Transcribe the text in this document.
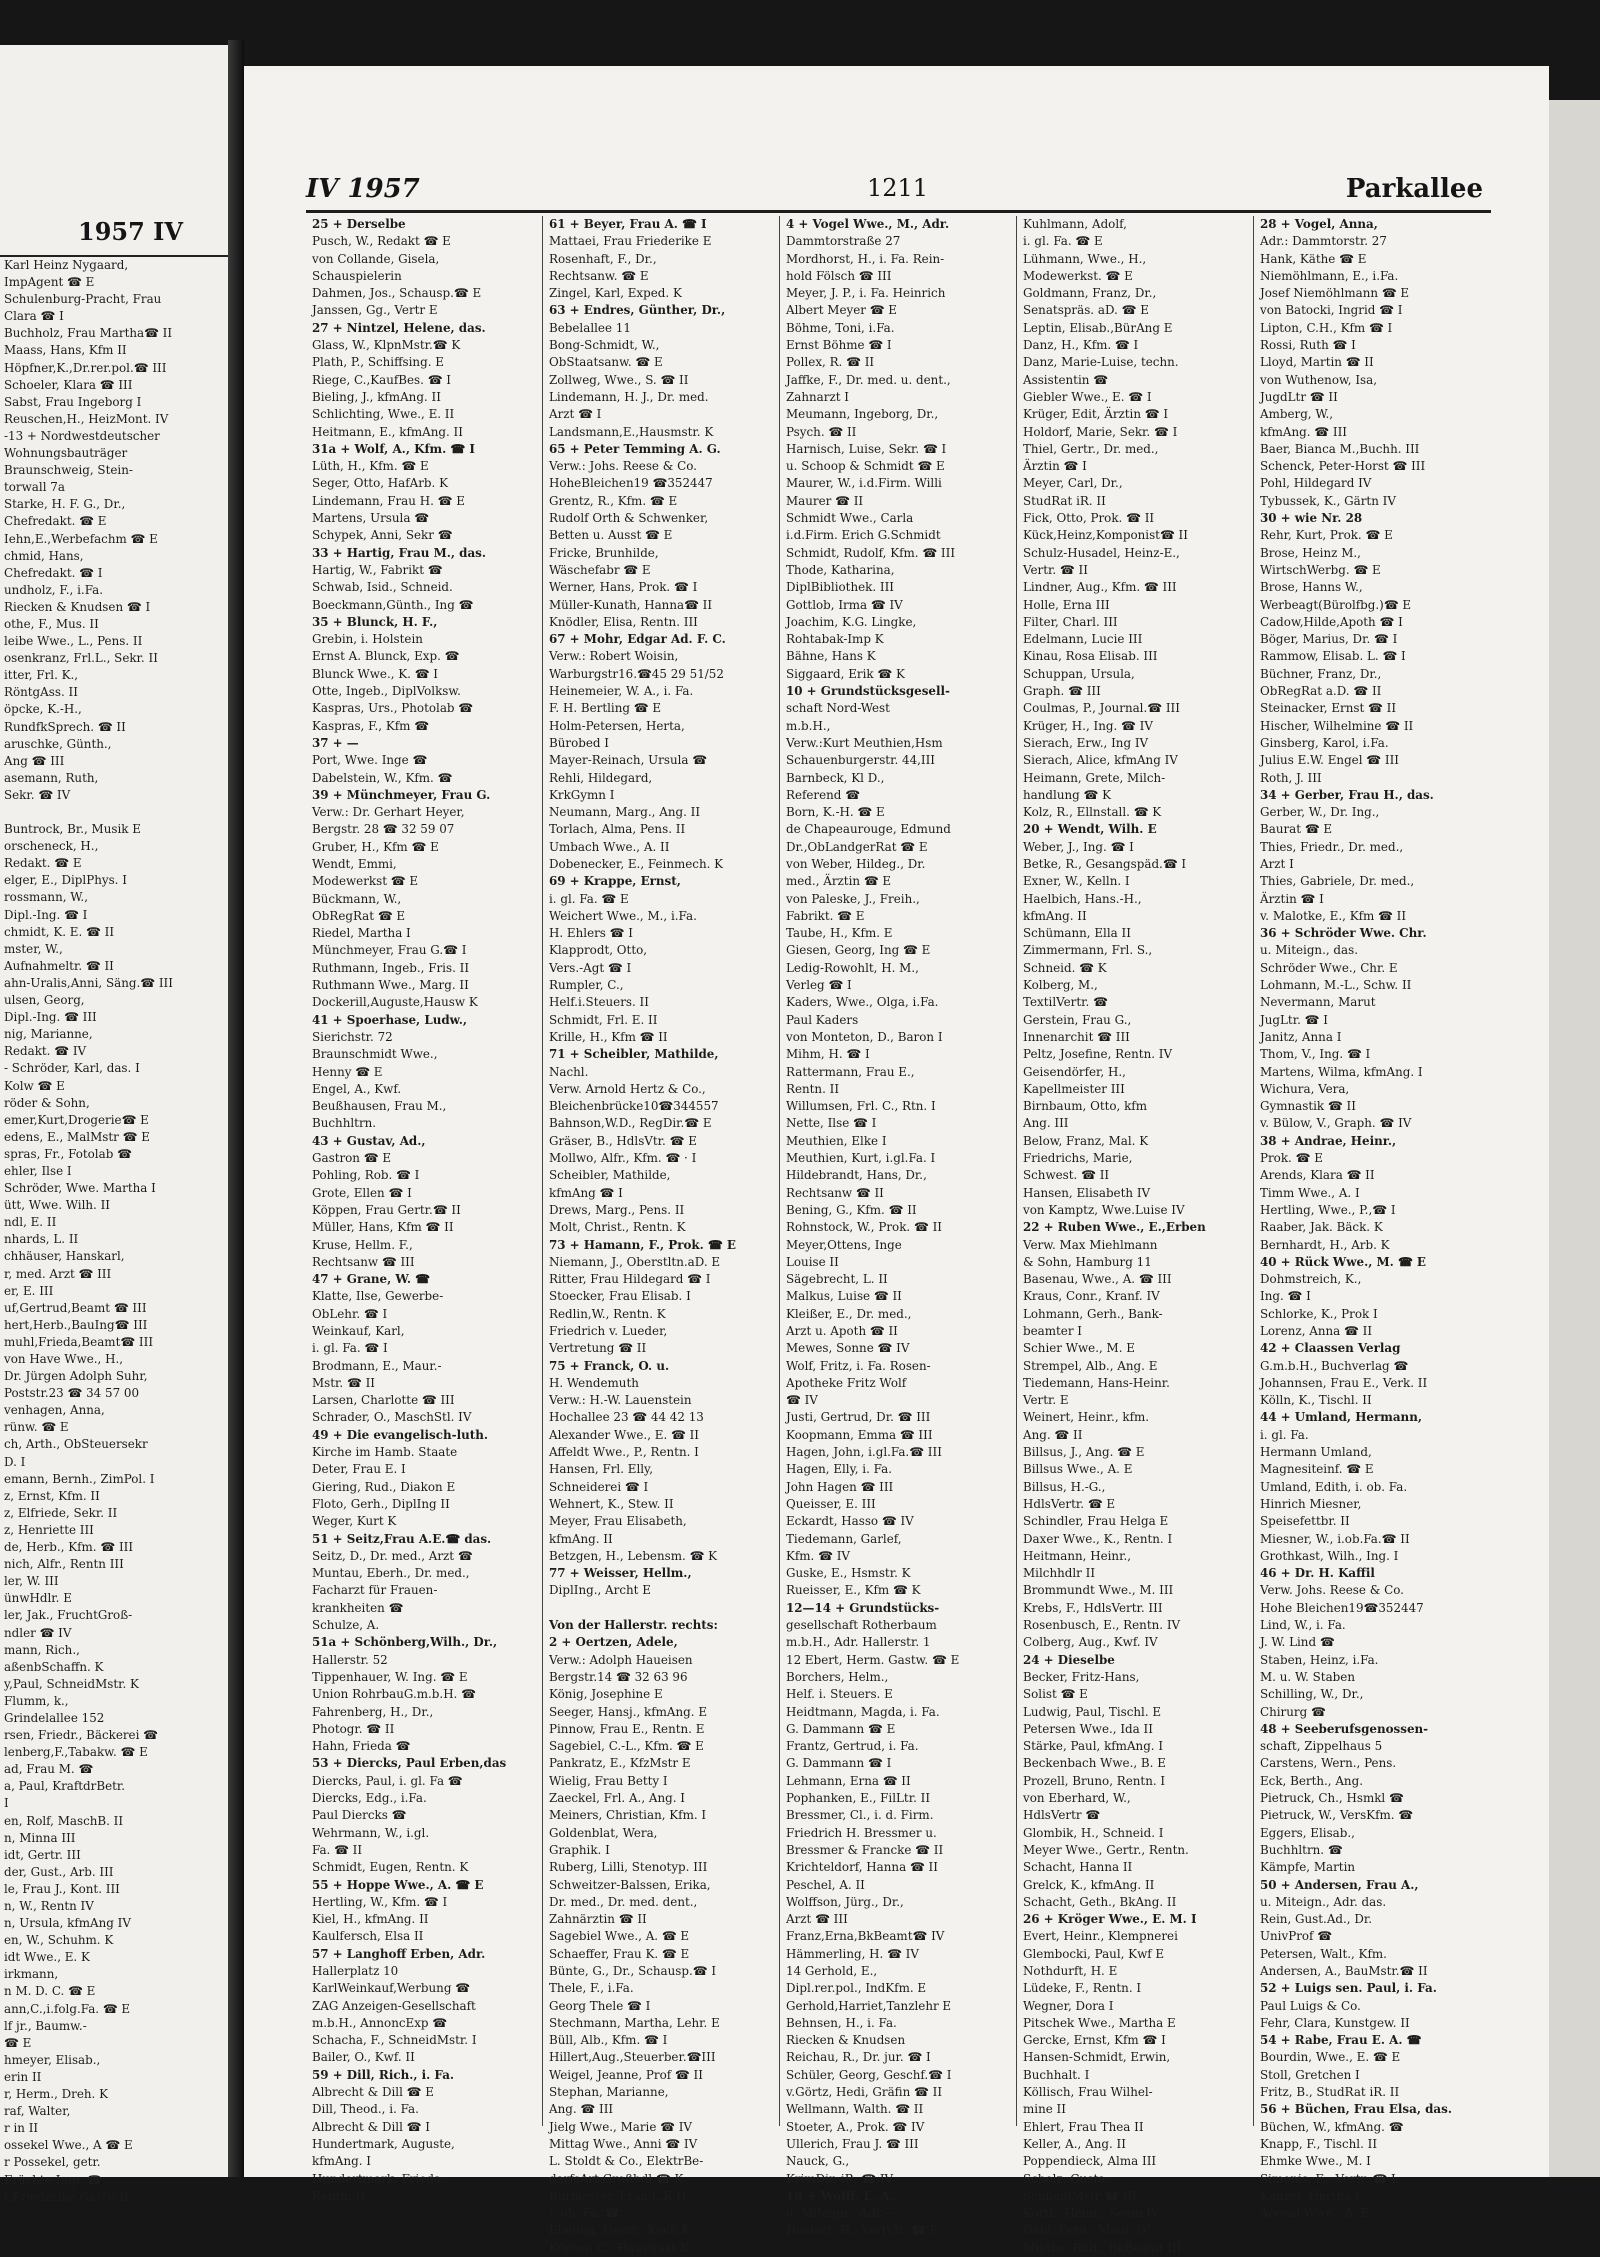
1957 IV
Karl Heinz Nygaard,
ImpAgent ☎ E
Schulenburg-Pracht, Frau
Clara ☎ I
Buchholz, Frau Martha☎ II
Maass, Hans, Kfm II
Höpfner,K.,Dr.rer.pol.☎ III
Schoeler, Klara ☎ III
Sabst, Frau Ingeborg I
Reuschen,H., HeizMont. IV
-13 + Nordwestdeutscher
Wohnungsbauträger
Braunschweig, Stein-
torwall 7a
Starke, H. F. G., Dr.,
Chefredakt. ☎ E
Iehn,E.,Werbefachm ☎ E
chmid, Hans,
Chefredakt. ☎ I
undholz, F., i.Fa.
Riecken & Knudsen ☎ I
othe, F., Mus. II
leibe Wwe., L., Pens. II
osenkranz, Frl.L., Sekr. II
itter, Frl. K.,
RöntgAss. II
öpcke, K.-H.,
RundfkSprech. ☎ II
aruschke, Günth.,
Ang ☎ III
asemann, Ruth,
Sekr. ☎ IV

Buntrock, Br., Musik E
orscheneck, H.,
Redakt. ☎ E
elger, E., DiplPhys. I
rossmann, W.,
Dipl.-Ing. ☎ I
chmidt, K. E. ☎ II
mster, W.,
Aufnahmeltr. ☎ II
ahn-Uralis,Anni, Säng.☎ III
ulsen, Georg,
Dipl.-Ing. ☎ III
nig, Marianne,
Redakt. ☎ IV
- Schröder, Karl, das. I
Kolw ☎ E
röder & Sohn,
emer,Kurt,Drogerie☎ E
edens, E., MalMstr ☎ E
spras, Fr., Fotolab ☎
ehler, Ilse I
Schröder, Wwe. Martha I
ütt, Wwe. Wilh. II
ndl, E. II
nhards, L. II
chhäuser, Hanskarl,
r, med. Arzt ☎ III
er, E. III
uf,Gertrud,Beamt ☎ III
hert,Herb.,BauIng☎ III
muhl,Frieda,Beamt☎ III
von Have Wwe., H.,
Dr. Jürgen Adolph Suhr,
Poststr.23 ☎ 34 57 00
venhagen, Anna,
rünw. ☎ E
ch, Arth., ObSteuersekr
D. I
emann, Bernh., ZimPol. I
z, Ernst, Kfm. II
z, Elfriede, Sekr. II
z, Henriette III
de, Herb., Kfm. ☎ III
nich, Alfr., Rentn III
ler, W. III
ünwHdlr. E
ler, Jak., FruchtGroß-
ndler ☎ IV
mann, Rich.,
aßenbSchaffn. K
y,Paul, SchneidMstr. K
Flumm, k.,
Grindelallee 152
rsen, Friedr., Bäckerei ☎
lenberg,F.,Tabakw. ☎ E
ad, Frau M. ☎
a, Paul, KraftdrBetr.
I
en, Rolf, MaschB. II
n, Minna III
idt, Gertr. III
der, Gust., Arb. III
le, Frau J., Kont. III
n, W., Rentn IV
n, Ursula, kfmAng IV
en, W., Schuhm. K
idt Wwe., E. K
irkmann,
n M. D. C. ☎ E
ann,C.,i.folg.Fa. ☎ E
lf jr., Baumw.-
☎ E
hmeyer, Elisab.,
erin II
r, Herm., Dreh. K
raf, Walter,
r in II
ossekel Wwe., A ☎ E
r Possekel, getr.
Früchte-Imp. ☎
t,Friederike,Gastw.II
IV 1957	1211	Parkallee
25 + Derselbe
Pusch, W., Redakt ☎ E
von Collande, Gisela,
Schauspielerin
Dahmen, Jos., Schausp.☎ E
Janssen, Gg., Vertr E
27 + Nintzel, Helene, das.
Glass, W., KlpnMstr.☎ K
Plath, P., Schiffsing. E
Riege, C.,KaufBes. ☎ I
Bieling, J., kfmAng. II
Schlichting, Wwe., E. II
Heitmann, E., kfmAng. II
31a + Wolf, A., Kfm. ☎ I
Lüth, H., Kfm. ☎ E
Seger, Otto, HafArb. K
Lindemann, Frau H. ☎ E
Martens, Ursula ☎
Schypek, Anni, Sekr ☎
33 + Hartig, Frau M., das.
Hartig, W., Fabrikt ☎
Schwab, Isid., Schneid.
Boeckmann,Günth., Ing ☎
35 + Blunck, H. F.,
Grebin, i. Holstein
Ernst A. Blunck, Exp. ☎
Blunck Wwe., K. ☎ I
Otte, Ingeb., DiplVolksw.
Kaspras, Urs., Photolab ☎
Kaspras, F., Kfm ☎
37 + —
Port, Wwe. Inge ☎
Dabelstein, W., Kfm. ☎
39 + Münchmeyer, Frau G.
Verw.: Dr. Gerhart Heyer,
Bergstr. 28 ☎ 32 59 07
Gruber, H., Kfm ☎ E
Wendt, Emmi,
Modewerkst ☎ E
Bückmann, W.,
ObRegRat ☎ E
Riedel, Martha I
Münchmeyer, Frau G.☎ I
Ruthmann, Ingeb., Fris. II
Ruthmann Wwe., Marg. II
Dockerill,Auguste,Hausw K
41 + Spoerhase, Ludw.,
Sierichstr. 72
Braunschmidt Wwe.,
Henny ☎ E
Engel, A., Kwf.
Beußhausen, Frau M.,
Buchhltrn.
43 + Gustav, Ad.,
Gastron ☎ E
Pohling, Rob. ☎ I
Grote, Ellen ☎ I
Köppen, Frau Gertr.☎ II
Müller, Hans, Kfm ☎ II
Kruse, Hellm. F.,
Rechtsanw ☎ III
47 + Grane, W. ☎
Klatte, Ilse, Gewerbe-
ObLehr. ☎ I
Weinkauf, Karl,
i. gl. Fa. ☎ I
Brodmann, E., Maur.-
Mstr. ☎ II
Larsen, Charlotte ☎ III
Schrader, O., MaschStl. IV
49 + Die evangelisch-luth.
Kirche im Hamb. Staate
Deter, Frau E. I
Giering, Rud., Diakon E
Floto, Gerh., DiplIng II
Weger, Kurt K
51 + Seitz,Frau A.E.☎ das.
Seitz, D., Dr. med., Arzt ☎
Muntau, Eberh., Dr. med.,
Facharzt für Frauen-
krankheiten ☎
Schulze, A.
51a + Schönberg,Wilh., Dr.,
Hallerstr. 52
Tippenhauer, W. Ing. ☎ E
Union RohrbauG.m.b.H. ☎
Fahrenberg, H., Dr.,
Photogr. ☎ II
Hahn, Frieda ☎
53 + Diercks, Paul Erben,das
Diercks, Paul, i. gl. Fa ☎
Diercks, Edg., i.Fa.
Paul Diercks ☎
Wehrmann, W., i.gl.
Fa. ☎ II
Schmidt, Eugen, Rentn. K
55 + Hoppe Wwe., A. ☎ E
Hertling, W., Kfm. ☎ I
Kiel, H., kfmAng. II
Kaulfersch, Elsa II
57 + Langhoff Erben, Adr.
Hallerplatz 10
KarlWeinkauf,Werbung ☎
ZAG Anzeigen-Gesellschaft
m.b.H., AnnoncExp ☎
Schacha, F., SchneidMstr. I
Bailer, O., Kwf. II
59 + Dill, Rich., i. Fa.
Albrecht & Dill ☎ E
Dill, Theod., i. Fa.
Albrecht & Dill ☎ I
Hundertmark, Auguste,
kfmAng. I
Hundertmark, Frieda,
Rentn. II
61 + Beyer, Frau A. ☎ I
Mattaei, Frau Friederike E
Rosenhaft, F., Dr.,
Rechtsanw. ☎ E
Zingel, Karl, Exped. K
63 + Endres, Günther, Dr.,
Bebelallee 11
Bong-Schmidt, W.,
ObStaatsanw. ☎ E
Zollweg, Wwe., S. ☎ II
Lindemann, H. J., Dr. med.
Arzt ☎ I
Landsmann,E.,Hausmstr. K
65 + Peter Temming A. G.
Verw.: Johs. Reese & Co.
HoheBleichen19 ☎352447
Grentz, R., Kfm. ☎ E
Rudolf Orth & Schwenker,
Betten u. Ausst ☎ E
Fricke, Brunhilde,
Wäschefabr ☎ E
Werner, Hans, Prok. ☎ I
Müller-Kunath, Hanna☎ II
Knödler, Elisa, Rentn. III
67 + Mohr, Edgar Ad. F. C.
Verw.: Robert Woisin,
Warburgstr16.☎45 29 51/52
Heinemeier, W. A., i. Fa.
F. H. Bertling ☎ E
Holm-Petersen, Herta,
Bürobed I
Mayer-Reinach, Ursula ☎
Rehli, Hildegard,
KrkGymn I
Neumann, Marg., Ang. II
Torlach, Alma, Pens. II
Umbach Wwe., A. II
Dobenecker, E., Feinmech. K
69 + Krappe, Ernst,
i. gl. Fa. ☎ E
Weichert Wwe., M., i.Fa.
H. Ehlers ☎ I
Klapprodt, Otto,
Vers.-Agt ☎ I
Rumpler, C.,
Helf.i.Steuers. II
Schmidt, Frl. E. II
Krille, H., Kfm ☎ II
71 + Scheibler, Mathilde,
Nachl.
Verw. Arnold Hertz & Co.,
Bleichenbrücke10☎344557
Bahnson,W.D., RegDir.☎ E
Gräser, B., HdlsVtr. ☎ E
Mollwo, Alfr., Kfm. ☎ · I
Scheibler, Mathilde,
kfmAng ☎ I
Drews, Marg., Pens. II
Molt, Christ., Rentn. K
73 + Hamann, F., Prok. ☎ E
Niemann, J., Oberstltn.aD. E
Ritter, Frau Hildegard ☎ I
Stoecker, Frau Elisab. I
Redlin,W., Rentn. K
Friedrich v. Lueder,
Vertretung ☎ II
75 + Franck, O. u.
H. Wendemuth
Verw.: H.-W. Lauenstein
Hochallee 23 ☎ 44 42 13
Alexander Wwe., E. ☎ II
Affeldt Wwe., P., Rentn. I
Hansen, Frl. Elly,
Schneiderei ☎ I
Wehnert, K., Stew. II
Meyer, Frau Elisabeth,
kfmAng. II
Betzgen, H., Lebensm. ☎ K
77 + Weisser, Hellm.,
DiplIng., Archt E

Von der Hallerstr. rechts:
2 + Oertzen, Adele,
Verw.: Adolph Haueisen
Bergstr.14 ☎ 32 63 96
König, Josephine E
Seeger, Hansj., kfmAng. E
Pinnow, Frau E., Rentn. E
Sagebiel, C.-L., Kfm. ☎ E
Pankratz, E., KfzMstr E
Wielig, Frau Betty I
Zaeckel, Frl. A., Ang. I
Meiners, Christian, Kfm. I
Goldenblat, Wera,
Graphik. I
Ruberg, Lilli, Stenotyp. III
Schweitzer-Balssen, Erika,
Dr. med., Dr. med. dent.,
Zahnärztin ☎ II
Sagebiel Wwe., A. ☎ E
Schaeffer, Frau K. ☎ E
Bünte, G., Dr., Schausp.☎ I
Thele, F., i.Fa.
Georg Thele ☎ I
Stechmann, Martha, Lehr. E
Büll, Alb., Kfm. ☎ I
Hillert,Aug.,Steuerber.☎III
Weigel, Jeanne, Prof ☎ II
Stephan, Marianne,
Ang. ☎ III
Jielg Wwe., Marie ☎ IV
Mittag Wwe., Anni ☎ IV
L. Stoldt & Co., ElektrBe-
darfsArt.Großhdl ☎ K
Burmester, Frau L.K.H.,
i. ob. Fa. ☎
Ebeling, Heinr., Koch K
Körner, C., Hauswart K
4 + Vogel Wwe., M., Adr.
Dammtorstraße 27
Mordhorst, H., i. Fa. Rein-
hold Fölsch ☎ III
Meyer, J. P., i. Fa. Heinrich
Albert Meyer ☎ E
Böhme, Toni, i.Fa.
Ernst Böhme ☎ I
Pollex, R. ☎ II
Jaffke, F., Dr. med. u. dent.,
Zahnarzt I
Meumann, Ingeborg, Dr.,
Psych. ☎ II
Harnisch, Luise, Sekr. ☎ I
u. Schoop & Schmidt ☎ E
Maurer, W., i.d.Firm. Willi
Maurer ☎ II
Schmidt Wwe., Carla
i.d.Firm. Erich G.Schmidt
Schmidt, Rudolf, Kfm. ☎ III
Thode, Katharina,
DiplBibliothek. III
Gottlob, Irma ☎ IV
Joachim, K.G. Lingke,
Rohtabak-Imp K
Bähne, Hans K
Siggaard, Erik ☎ K
10 + Grundstücksgesell-
schaft Nord-West
m.b.H.,
Verw.:Kurt Meuthien,Hsm
Schauenburgerstr. 44,III
Barnbeck, Kl D.,
Referend ☎
Born, K.-H. ☎ E
de Chapeaurouge, Edmund
Dr.,ObLandgerRat ☎ E
von Weber, Hildeg., Dr.
med., Ärztin ☎ E
von Paleske, J., Freih.,
Fabrikt. ☎ E
Taube, H., Kfm. E
Giesen, Georg, Ing ☎ E
Ledig-Rowohlt, H. M.,
Verleg ☎ I
Kaders, Wwe., Olga, i.Fa.
Paul Kaders
von Monteton, D., Baron I
Mihm, H. ☎ I
Rattermann, Frau E.,
Rentn. II
Willumsen, Frl. C., Rtn. I
Nette, Ilse ☎ I
Meuthien, Elke I
Meuthien, Kurt, i.gl.Fa. I
Hildebrandt, Hans, Dr.,
Rechtsanw ☎ II
Bening, G., Kfm. ☎ II
Rohnstock, W., Prok. ☎ II
Meyer,Ottens, Inge
Louise II
Sägebrecht, L. II
Malkus, Luise ☎ II
Kleißer, E., Dr. med.,
Arzt u. Apoth ☎ II
Mewes, Sonne ☎ IV
Wolf, Fritz, i. Fa. Rosen-
Apotheke Fritz Wolf
☎ IV
Justi, Gertrud, Dr. ☎ III
Koopmann, Emma ☎ III
Hagen, John, i.gl.Fa.☎ III
Hagen, Elly, i. Fa.
John Hagen ☎ III
Queisser, E. III
Eckardt, Hasso ☎ IV
Tiedemann, Garlef,
Kfm. ☎ IV
Guske, E., Hsmstr. K
Rueisser, E., Kfm ☎ K
12—14 + Grundstücks-
gesellschaft Rotherbaum
m.b.H., Adr. Hallerstr. 1
12 Ebert, Herm. Gastw. ☎ E
Borchers, Helm.,
Helf. i. Steuers. E
Heidtmann, Magda, i. Fa.
G. Dammann ☎ E
Frantz, Gertrud, i. Fa.
G. Dammann ☎ I
Lehmann, Erna ☎ II
Pophanken, E., FilLtr. II
Bressmer, Cl., i. d. Firm.
Friedrich H. Bressmer u.
Bressmer & Francke ☎ II
Krichteldorf, Hanna ☎ II
Peschel, A. II
Wolffson, Jürg., Dr.,
Arzt ☎ III
Franz,Erna,BkBeamt☎ IV
Hämmerling, H. ☎ IV
14 Gerhold, E.,
Dipl.rer.pol., IndKfm. E
Gerhold,Harriet,Tanzlehr E
Behnsen, H., i. Fa.
Riecken & Knudsen
Reichau, R., Dr. jur. ☎ I
Schüler, Georg, Geschf.☎ I
v.Görtz, Hedi, Gräfin ☎ II
Wellmann, Walth. ☎ II
Stoeter, A., Prok. ☎ IV
Ullerich, Frau J. ☎ III
Nauck, G.,
KrimDir. iR. ☎ IV
18 + Wolff, L. A.,
u. Miteign., Adr.—
Hustert, H., VerlVtr. ☎ E
Kuhlmann, Adolf,
i. gl. Fa. ☎ E
Lühmann, Wwe., H.,
Modewerkst. ☎ E
Goldmann, Franz, Dr.,
Senatspräs. aD. ☎ E
Leptin, Elisab.,BürAng E
Danz, H., Kfm. ☎ I
Danz, Marie-Luise, techn.
Assistentin ☎
Giebler Wwe., E. ☎ I
Krüger, Edit, Ärztin ☎ I
Holdorf, Marie, Sekr. ☎ I
Thiel, Gertr., Dr. med.,
Ärztin ☎ I
Meyer, Carl, Dr.,
StudRat iR. II
Fick, Otto, Prok. ☎ II
Kück,Heinz,Komponist☎ II
Schulz-Husadel, Heinz-E.,
Vertr. ☎ II
Lindner, Aug., Kfm. ☎ III
Holle, Erna III
Filter, Charl. III
Edelmann, Lucie III
Kinau, Rosa Elisab. III
Schuppan, Ursula,
Graph. ☎ III
Coulmas, P., Journal.☎ III
Krüger, H., Ing. ☎ IV
Sierach, Erw., Ing IV
Sierach, Alice, kfmAng IV
Heimann, Grete, Milch-
handlung ☎ K
Kolz, R., Ellnstall. ☎ K
20 + Wendt, Wilh. E
Weber, J., Ing. ☎ I
Betke, R., Gesangspäd.☎ I
Exner, W., Kelln. I
Haelbich, Hans.-H.,
kfmAng. II
Schümann, Ella II
Zimmermann, Frl. S.,
Schneid. ☎ K
Kolberg, M.,
TextilVertr. ☎
Gerstein, Frau G.,
Innenarchit ☎ III
Peltz, Josefine, Rentn. IV
Geisendörfer, H.,
Kapellmeister III
Birnbaum, Otto, kfm
Ang. III
Below, Franz, Mal. K
Friedrichs, Marie,
Schwest. ☎ II
Hansen, Elisabeth IV
von Kamptz, Wwe.Luise IV
22 + Ruben Wwe., E.,Erben
Verw. Max Miehlmann
& Sohn, Hamburg 11
Basenau, Wwe., A. ☎ III
Kraus, Conr., Kranf. IV
Lohmann, Gerh., Bank-
beamter I
Schier Wwe., M. E
Strempel, Alb., Ang. E
Tiedemann, Hans-Heinr.
Vertr. E
Weinert, Heinr., kfm.
Ang. ☎ II
Billsus, J., Ang. ☎ E
Billsus Wwe., A. E
Billsus, H.-G.,
HdlsVertr. ☎ E
Schindler, Frau Helga E
Daxer Wwe., K., Rentn. I
Heitmann, Heinr.,
Milchhdlr II
Brommundt Wwe., M. III
Krebs, F., HdlsVertr. III
Rosenbusch, E., Rentn. IV
Colberg, Aug., Kwf. IV
24 + Dieselbe
Becker, Fritz-Hans,
Solist ☎ E
Ludwig, Paul, Tischl. E
Petersen Wwe., Ida II
Stärke, Paul, kfmAng. I
Beckenbach Wwe., B. E
Prozell, Bruno, Rentn. I
von Eberhard, W.,
HdlsVertr ☎
Glombik, H., Schneid. I
Meyer Wwe., Gertr., Rentn.
Schacht, Hanna II
Grelck, K., kfmAng. II
Schacht, Geth., BkAng. II
26 + Kröger Wwe., E. M. I
Evert, Heinr., Klempnerei
Glembocki, Paul, Kwf E
Nothdurft, H. E
Lüdeke, F., Rentn. I
Wegner, Dora I
Pitschek Wwe., Martha E
Gercke, Ernst, Kfm ☎ I
Hansen-Schmidt, Erwin,
Buchhalt. I
Köllisch, Frau Wilhel-
mine II
Ehlert, Frau Thea II
Keller, A., Ang. II
Poppendieck, Alma III
Scholz, Gusta,
SchneidMstr ☎ III
Korth, Heinr., Seem IV
Dahl, Ferd., Maur. IV
Miethe, Rud., BkBeamt III
28 + Vogel, Anna,
Adr.: Dammtorstr. 27
Hank, Käthe ☎ E
Niemöhlmann, E., i.Fa.
Josef Niemöhlmann ☎ E
von Batocki, Ingrid ☎ I
Lipton, C.H., Kfm ☎ I
Rossi, Ruth ☎ I
Lloyd, Martin ☎ II
von Wuthenow, Isa,
JugdLtr ☎ II
Amberg, W.,
kfmAng. ☎ III
Baer, Bianca M.,Buchh. III
Schenck, Peter-Horst ☎ III
Pohl, Hildegard IV
Tybussek, K., Gärtn IV
30 + wie Nr. 28
Rehr, Kurt, Prok. ☎ E
Brose, Heinz M.,
WirtschWerbg. ☎ E
Brose, Hanns W.,
Werbeagt(Bürolfbg.)☎ E
Cadow,Hilde,Apoth ☎ I
Böger, Marius, Dr. ☎ I
Rammow, Elisab. L. ☎ I
Büchner, Franz, Dr.,
ObRegRat a.D. ☎ II
Steinacker, Ernst ☎ II
Hischer, Wilhelmine ☎ II
Ginsberg, Karol, i.Fa.
Julius E.W. Engel ☎ III
Roth, J. III
34 + Gerber, Frau H., das.
Gerber, W., Dr. Ing.,
Baurat ☎ E
Thies, Friedr., Dr. med.,
Arzt I
Thies, Gabriele, Dr. med.,
Ärztin ☎ I
v. Malotke, E., Kfm ☎ II
36 + Schröder Wwe. Chr.
u. Miteign., das.
Schröder Wwe., Chr. E
Lohmann, M.-L., Schw. II
Nevermann, Marut
JugLtr. ☎ I
Janitz, Anna I
Thom, V., Ing. ☎ I
Martens, Wilma, kfmAng. I
Wichura, Vera,
Gymnastik ☎ II
v. Bülow, V., Graph. ☎ IV
38 + Andrae, Heinr.,
Prok. ☎ E
Arends, Klara ☎ II
Timm Wwe., A. I
Hertling, Wwe., P.,☎ I
Raaber, Jak. Bäck. K
Bernhardt, H., Arb. K
40 + Rück Wwe., M. ☎ E
Dohmstreich, K.,
Ing. ☎ I
Schlorke, K., Prok I
Lorenz, Anna ☎ II
42 + Claassen Verlag
G.m.b.H., Buchverlag ☎
Johannsen, Frau E., Verk. II
Kölln, K., Tischl. II
44 + Umland, Hermann,
i. gl. Fa.
Hermann Umland,
Magnesiteinf. ☎ E
Umland, Edith, i. ob. Fa.
Hinrich Miesner,
Speisefettbr. II
Miesner, W., i.ob.Fa.☎ II
Grothkast, Wilh., Ing. I
46 + Dr. H. Kaffil
Verw. Johs. Reese & Co.
Hohe Bleichen19☎352447
Lind, W., i. Fa.
J. W. Lind ☎
Staben, Heinz, i.Fa.
M. u. W. Staben
Schilling, W., Dr.,
Chirurg ☎
48 + Seeberufsgenossen-
schaft, Zippelhaus 5
Carstens, Wern., Pens.
Eck, Berth., Ang.
Pietruck, Ch., Hsmkl ☎
Pietruck, W., VersKfm. ☎
Eggers, Elisab.,
Buchhltrn. ☎
Kämpfe, Martin
50 + Andersen, Frau A.,
u. Miteign., Adr. das.
Rein, Gust.Ad., Dr.
UnivProf ☎
Petersen, Walt., Kfm.
Andersen, A., BauMstr.☎ II
52 + Luigs sen. Paul, i. Fa.
Paul Luigs & Co.
Fehr, Clara, Kunstgew. II
54 + Rabe, Frau E. A. ☎
Bourdin, Wwe., E. ☎ E
Stoll, Gretchen I
Fritz, B., StudRat iR. II
56 + Büchen, Frau Elsa, das.
Büchen, W., kfmAng. ☎
Knapp, F., Tischl. II
Ehmke Wwe., M. I
Simonis, E., Vertr. ☎ I
Künzel, Hertha I
Aceval Wwe., A. E
